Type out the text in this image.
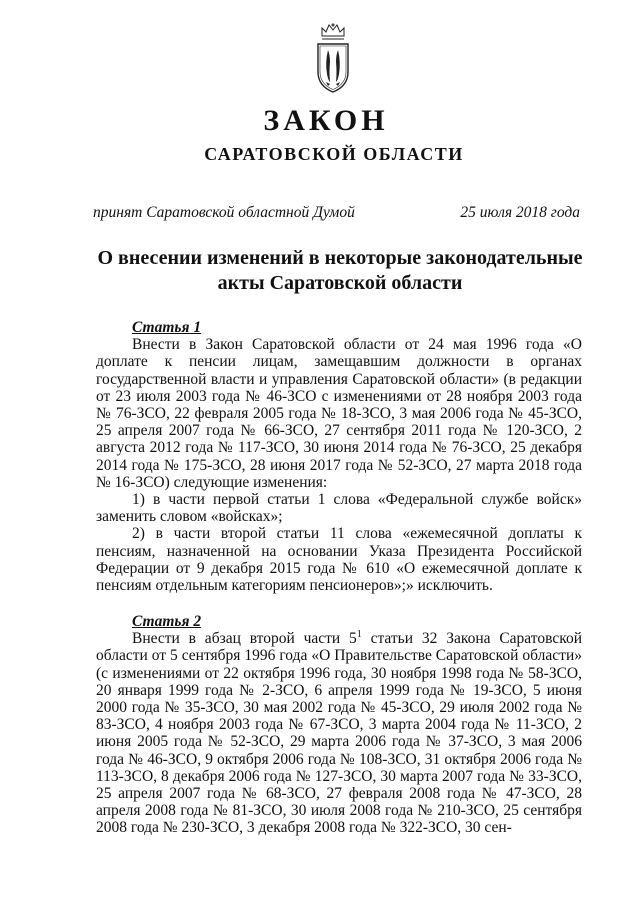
ЗАКОН
САРАТОВСКОЙ ОБЛАСТИ
принят Саратовской областной Думой	25 июля 2018 года
О внесении изменений в некоторые законодательные
акты Саратовской области

Статья 1

Внести в Закон Саратовской области от 24 мая 1996 года «О доплате к пенсии лицам, замещавшим должности в органах государственной власти и управления Саратовской области» (в редакции от 23 июля 2003 года № 46-ЗСО с изменениями от 28 ноября 2003 года № 76-ЗСО, 22 февраля 2005 года № 18-ЗСО, 3 мая 2006 года № 45-ЗСО, 25 апреля 2007 года № 66-ЗСО, 27 сентября 2011 года № 120-ЗСО, 2 августа 2012 года № 117-ЗСО, 30 июня 2014 года № 76-ЗСО, 25 декабря 2014 года № 175-ЗСО, 28 июня 2017 года № 52-ЗСО, 27 марта 2018 года № 16-ЗСО) следующие изменения:

1) в части первой статьи 1 слова «Федеральной службе войск» заменить словом «войсках»;

2) в части второй статьи 11 слова «ежемесячной доплаты к пенсиям, назначенной на основании Указа Президента Российской Федерации от 9 декабря 2015 года № 610 «О ежемесячной доплате к пенсиям отдельным категориям пенсионеров»;» исключить.

Статья 2

Внести в абзац второй части $5^1$ статьи 32 Закона Саратовской области от 5 сентября 1996 года «О Правительстве Саратовской области» (с изменениями от 22 октября 1996 года, 30 ноября 1998 года № 58-ЗСО, 20 января 1999 года № 2-ЗСО, 6 апреля 1999 года № 19-ЗСО, 5 июня 2000 года № 35-ЗСО, 30 мая 2002 года № 45-ЗСО, 29 июля 2002 года № 83-ЗСО, 4 ноября 2003 года № 67-ЗСО, 3 марта 2004 года № 11-ЗСО, 2 июня 2005 года № 52-ЗСО, 29 марта 2006 года № 37-ЗСО, 3 мая 2006 года № 46-ЗСО, 9 октября 2006 года № 108-ЗСО, 31 октября 2006 года № 113-ЗСО, 8 декабря 2006 года № 127-ЗСО, 30 марта 2007 года № 33-ЗСО, 25 апреля 2007 года № 68-ЗСО, 27 февраля 2008 года № 47-ЗСО, 28 апреля 2008 года № 81-ЗСО, 30 июля 2008 года № 210-ЗСО, 25 сентября 2008 года № 230-ЗСО, 3 декабря 2008 года № 322-ЗСО, 30 сен-
